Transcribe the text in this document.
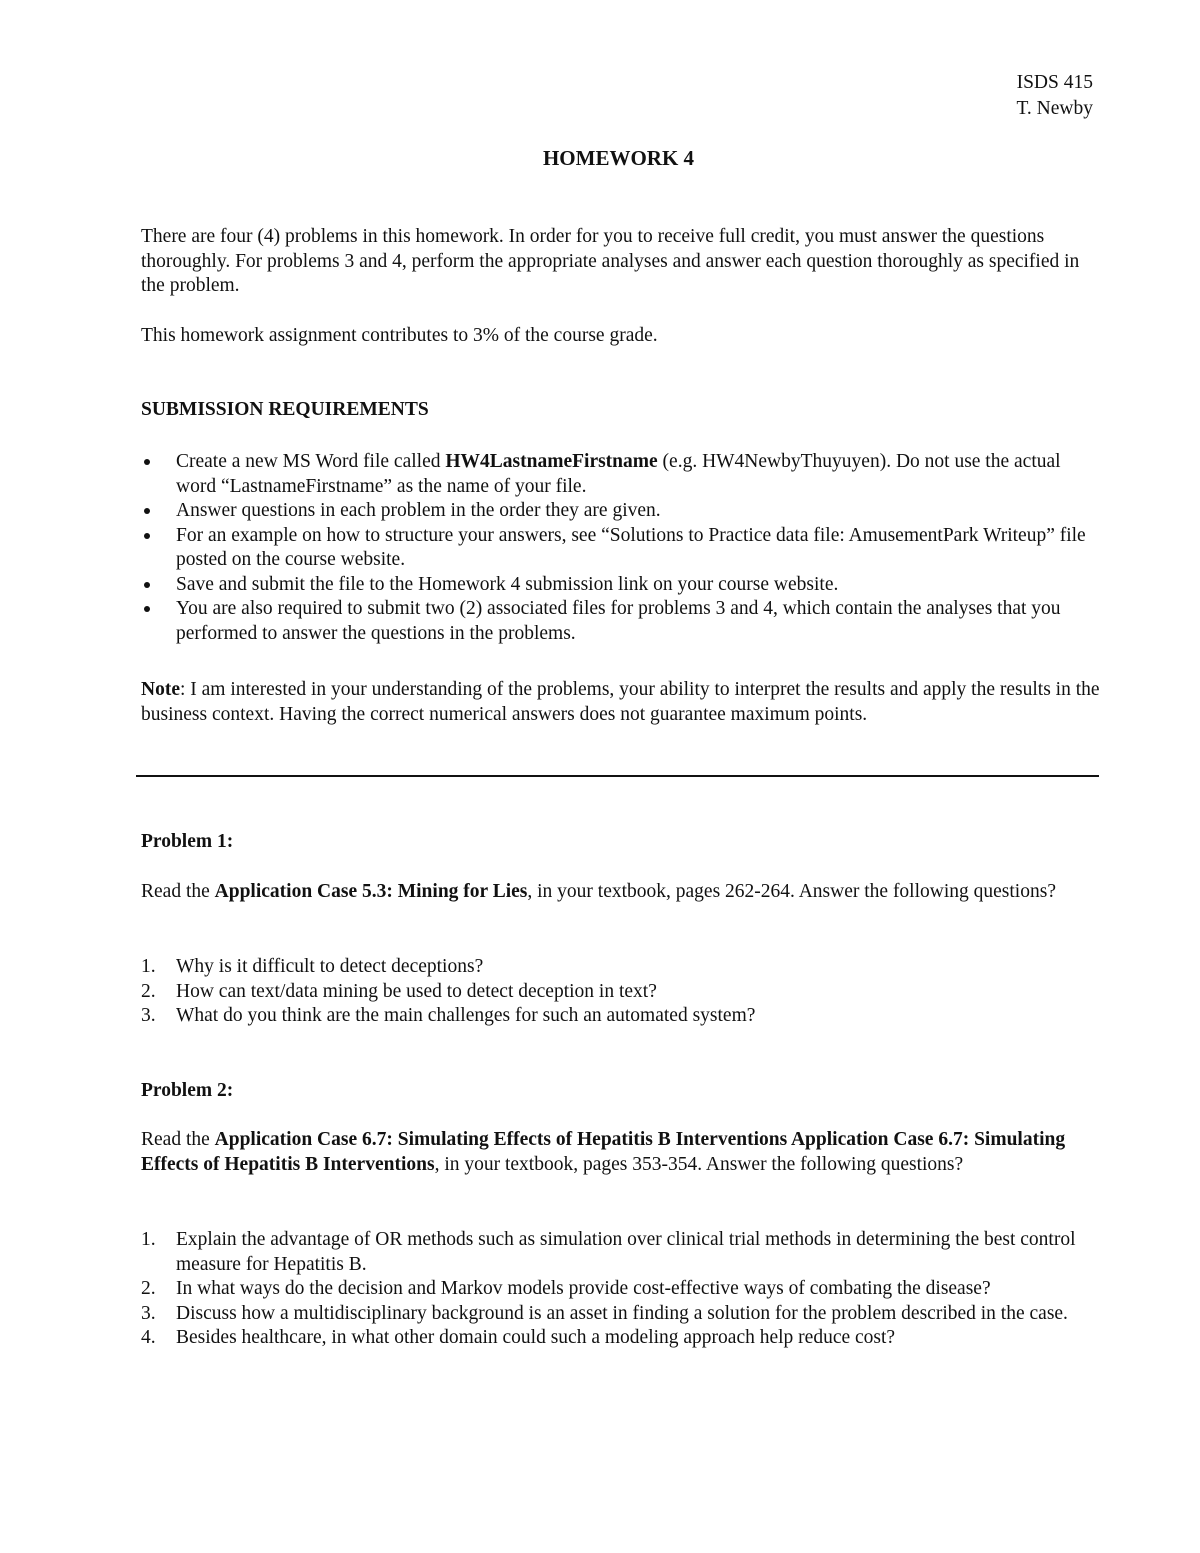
ISDS 415
T. Newby
HOMEWORK 4

There are four (4) problems in this homework. In order for you to receive full credit, you must answer the questions thoroughly. For problems 3 and 4, perform the appropriate analyses and answer each question thoroughly as specified in the problem.

This homework assignment contributes to 3% of the course grade.

SUBMISSION REQUIREMENTS

Create a new MS Word file called HW4LastnameFirstname (e.g. HW4NewbyThuyuyen). Do not use the actual word “LastnameFirstname” as the name of your file.
Answer questions in each problem in the order they are given.
For an example on how to structure your answers, see “Solutions to Practice data file: AmusementPark Writeup” file posted on the course website.
Save and submit the file to the Homework 4 submission link on your course website.
You are also required to submit two (2) associated files for problems 3 and 4, which contain the analyses that you performed to answer the questions in the problems.

Note: I am interested in your understanding of the problems, your ability to interpret the results and apply the results in the business context. Having the correct numerical answers does not guarantee maximum points.

Problem 1:

Read the Application Case 5.3: Mining for Lies, in your textbook, pages 262-264. Answer the following questions?

1. Why is it difficult to detect deceptions?
2. How can text/data mining be used to detect deception in text?
3. What do you think are the main challenges for such an automated system?

Problem 2:

Read the Application Case 6.7: Simulating Effects of Hepatitis B Interventions Application Case 6.7: Simulating Effects of Hepatitis B Interventions, in your textbook, pages 353-354. Answer the following questions?

1. Explain the advantage of OR methods such as simulation over clinical trial methods in determining the best control measure for Hepatitis B.
2. In what ways do the decision and Markov models provide cost-effective ways of combating the disease?
3. Discuss how a multidisciplinary background is an asset in finding a solution for the problem described in the case.
4. Besides healthcare, in what other domain could such a modeling approach help reduce cost?
